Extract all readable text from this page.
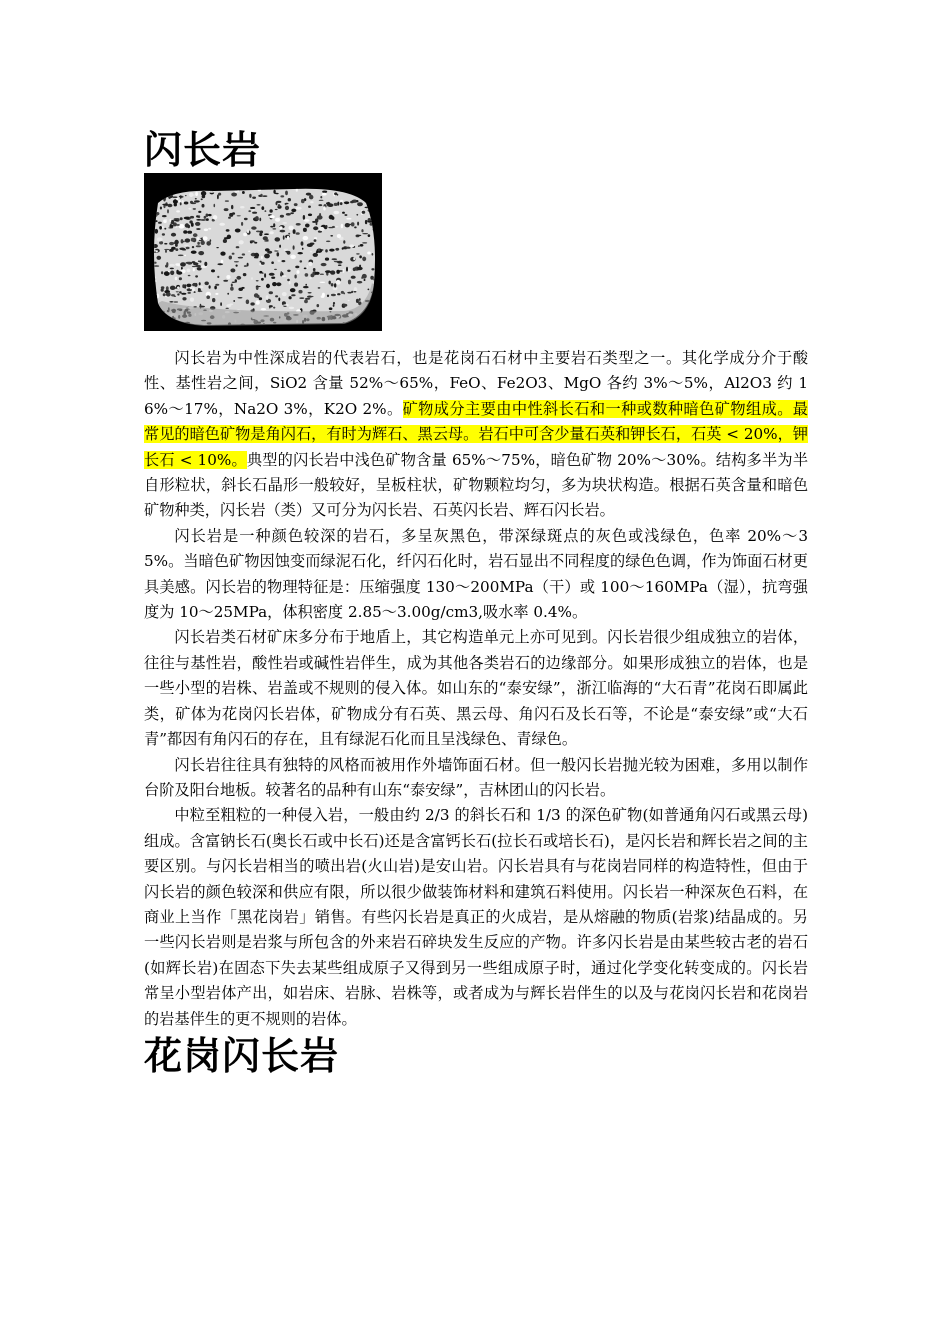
闪长岩

闪长岩为中性深成岩的代表岩石，也是花岗石石材中主要岩石类型之一。其化学成分介于酸性、基性岩之间，SiO2 含量 52%～65%，FeO、Fe2O3、MgO 各约 3%～5%，Al2O3 约 16%～17%，Na2O 3%，K2O 2%。矿物成分主要由中性斜长石和一种或数种暗色矿物组成。最常见的暗色矿物是角闪石，有时为辉石、黑云母。岩石中可含少量石英和钾长石，石英 < 20%，钾长石 < 10%。典型的闪长岩中浅色矿物含量 65%～75%，暗色矿物 20%～30%。结构多半为半自形粒状，斜长石晶形一般较好，呈板柱状，矿物颗粒均匀，多为块状构造。根据石英含量和暗色矿物种类，闪长岩（类）又可分为闪长岩、石英闪长岩、辉石闪长岩。

闪长岩是一种颜色较深的岩石，多呈灰黑色，带深绿斑点的灰色或浅绿色，色率 20%～35%。当暗色矿物因蚀变而绿泥石化，纤闪石化时，岩石显出不同程度的绿色色调，作为饰面石材更具美感。闪长岩的物理特征是：压缩强度 130～200MPa（干）或 100～160MPa（湿），抗弯强度为 10～25MPa，体积密度 2.85～3.00g/cm3,吸水率 0.4%。

闪长岩类石材矿床多分布于地盾上，其它构造单元上亦可见到。闪长岩很少组成独立的岩体，往往与基性岩，酸性岩或碱性岩伴生，成为其他各类岩石的边缘部分。如果形成独立的岩体，也是一些小型的岩株、岩盖或不规则的侵入体。如山东的“泰安绿”，浙江临海的“大石青”花岗石即属此类，矿体为花岗闪长岩体，矿物成分有石英、黑云母、角闪石及长石等，不论是“泰安绿”或“大石青”都因有角闪石的存在，且有绿泥石化而且呈浅绿色、青绿色。

闪长岩往往具有独特的风格而被用作外墙饰面石材。但一般闪长岩抛光较为困难，多用以制作台阶及阳台地板。较著名的品种有山东“泰安绿”，吉林团山的闪长岩。

中粒至粗粒的一种侵入岩，一般由约 2/3 的斜长石和 1/3 的深色矿物(如普通角闪石或黑云母)组成。含富钠长石(奥长石或中长石)还是含富钙长石(拉长石或培长石)，是闪长岩和辉长岩之间的主要区别。与闪长岩相当的喷出岩(火山岩)是安山岩。闪长岩具有与花岗岩同样的构造特性，但由于闪长岩的颜色较深和供应有限，所以很少做装饰材料和建筑石料使用。闪长岩一种深灰色石料，在商业上当作「黑花岗岩」销售。有些闪长岩是真正的火成岩，是从熔融的物质(岩浆)结晶成的。另一些闪长岩则是岩浆与所包含的外来岩石碎块发生反应的产物。许多闪长岩是由某些较古老的岩石(如辉长岩)在固态下失去某些组成原子又得到另一些组成原子时，通过化学变化转变成的。闪长岩常呈小型岩体产出，如岩床、岩脉、岩株等，或者成为与辉长岩伴生的以及与花岗闪长岩和花岗岩的岩基伴生的更不规则的岩体。

花岗闪长岩
